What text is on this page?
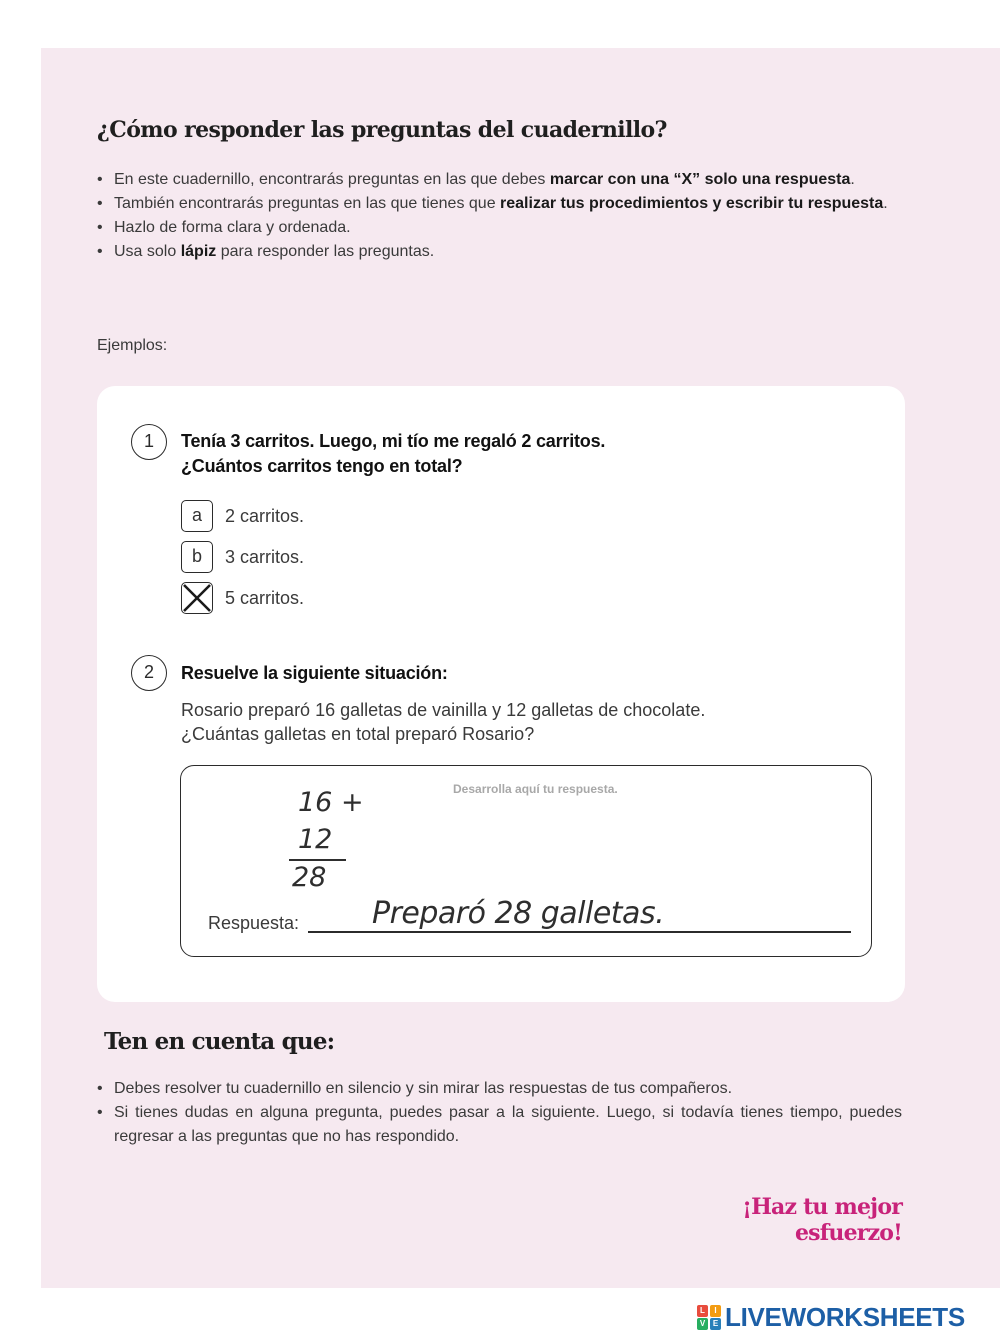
¿Cómo responder las preguntas del cuadernillo?
• En este cuadernillo, encontrarás preguntas en las que debes marcar con una “X” solo una respuesta.
• También encontrarás preguntas en las que tienes que realizar tus procedimientos y escribir tu respuesta.
• Hazlo de forma clara y ordenada.
• Usa solo lápiz para responder las preguntas.
Ejemplos:
1	Tenía 3 carritos. Luego, mi tío me regaló 2 carritos.
¿Cuántos carritos tengo en total?
a	2 carritos.
b	3 carritos.
5 carritos.
2	Resuelve la siguiente situación:
Rosario preparó 16 galletas de vainilla y 12 galletas de chocolate.
¿Cuántas galletas en total preparó Rosario?
Desarrolla aquí tu respuesta.
16 +
12
28
Respuesta: Preparó 28 galletas.
Ten en cuenta que:
• Debes resolver tu cuadernillo en silencio y sin mirar las respuestas de tus compañeros.
• Si tienes dudas en alguna pregunta, puedes pasar a la siguiente. Luego, si todavía tienes tiempo, puedes regresar a las preguntas que no has respondido.
¡Haz tu mejor esfuerzo!
L	I
V E LIVEWORKSHEETS
